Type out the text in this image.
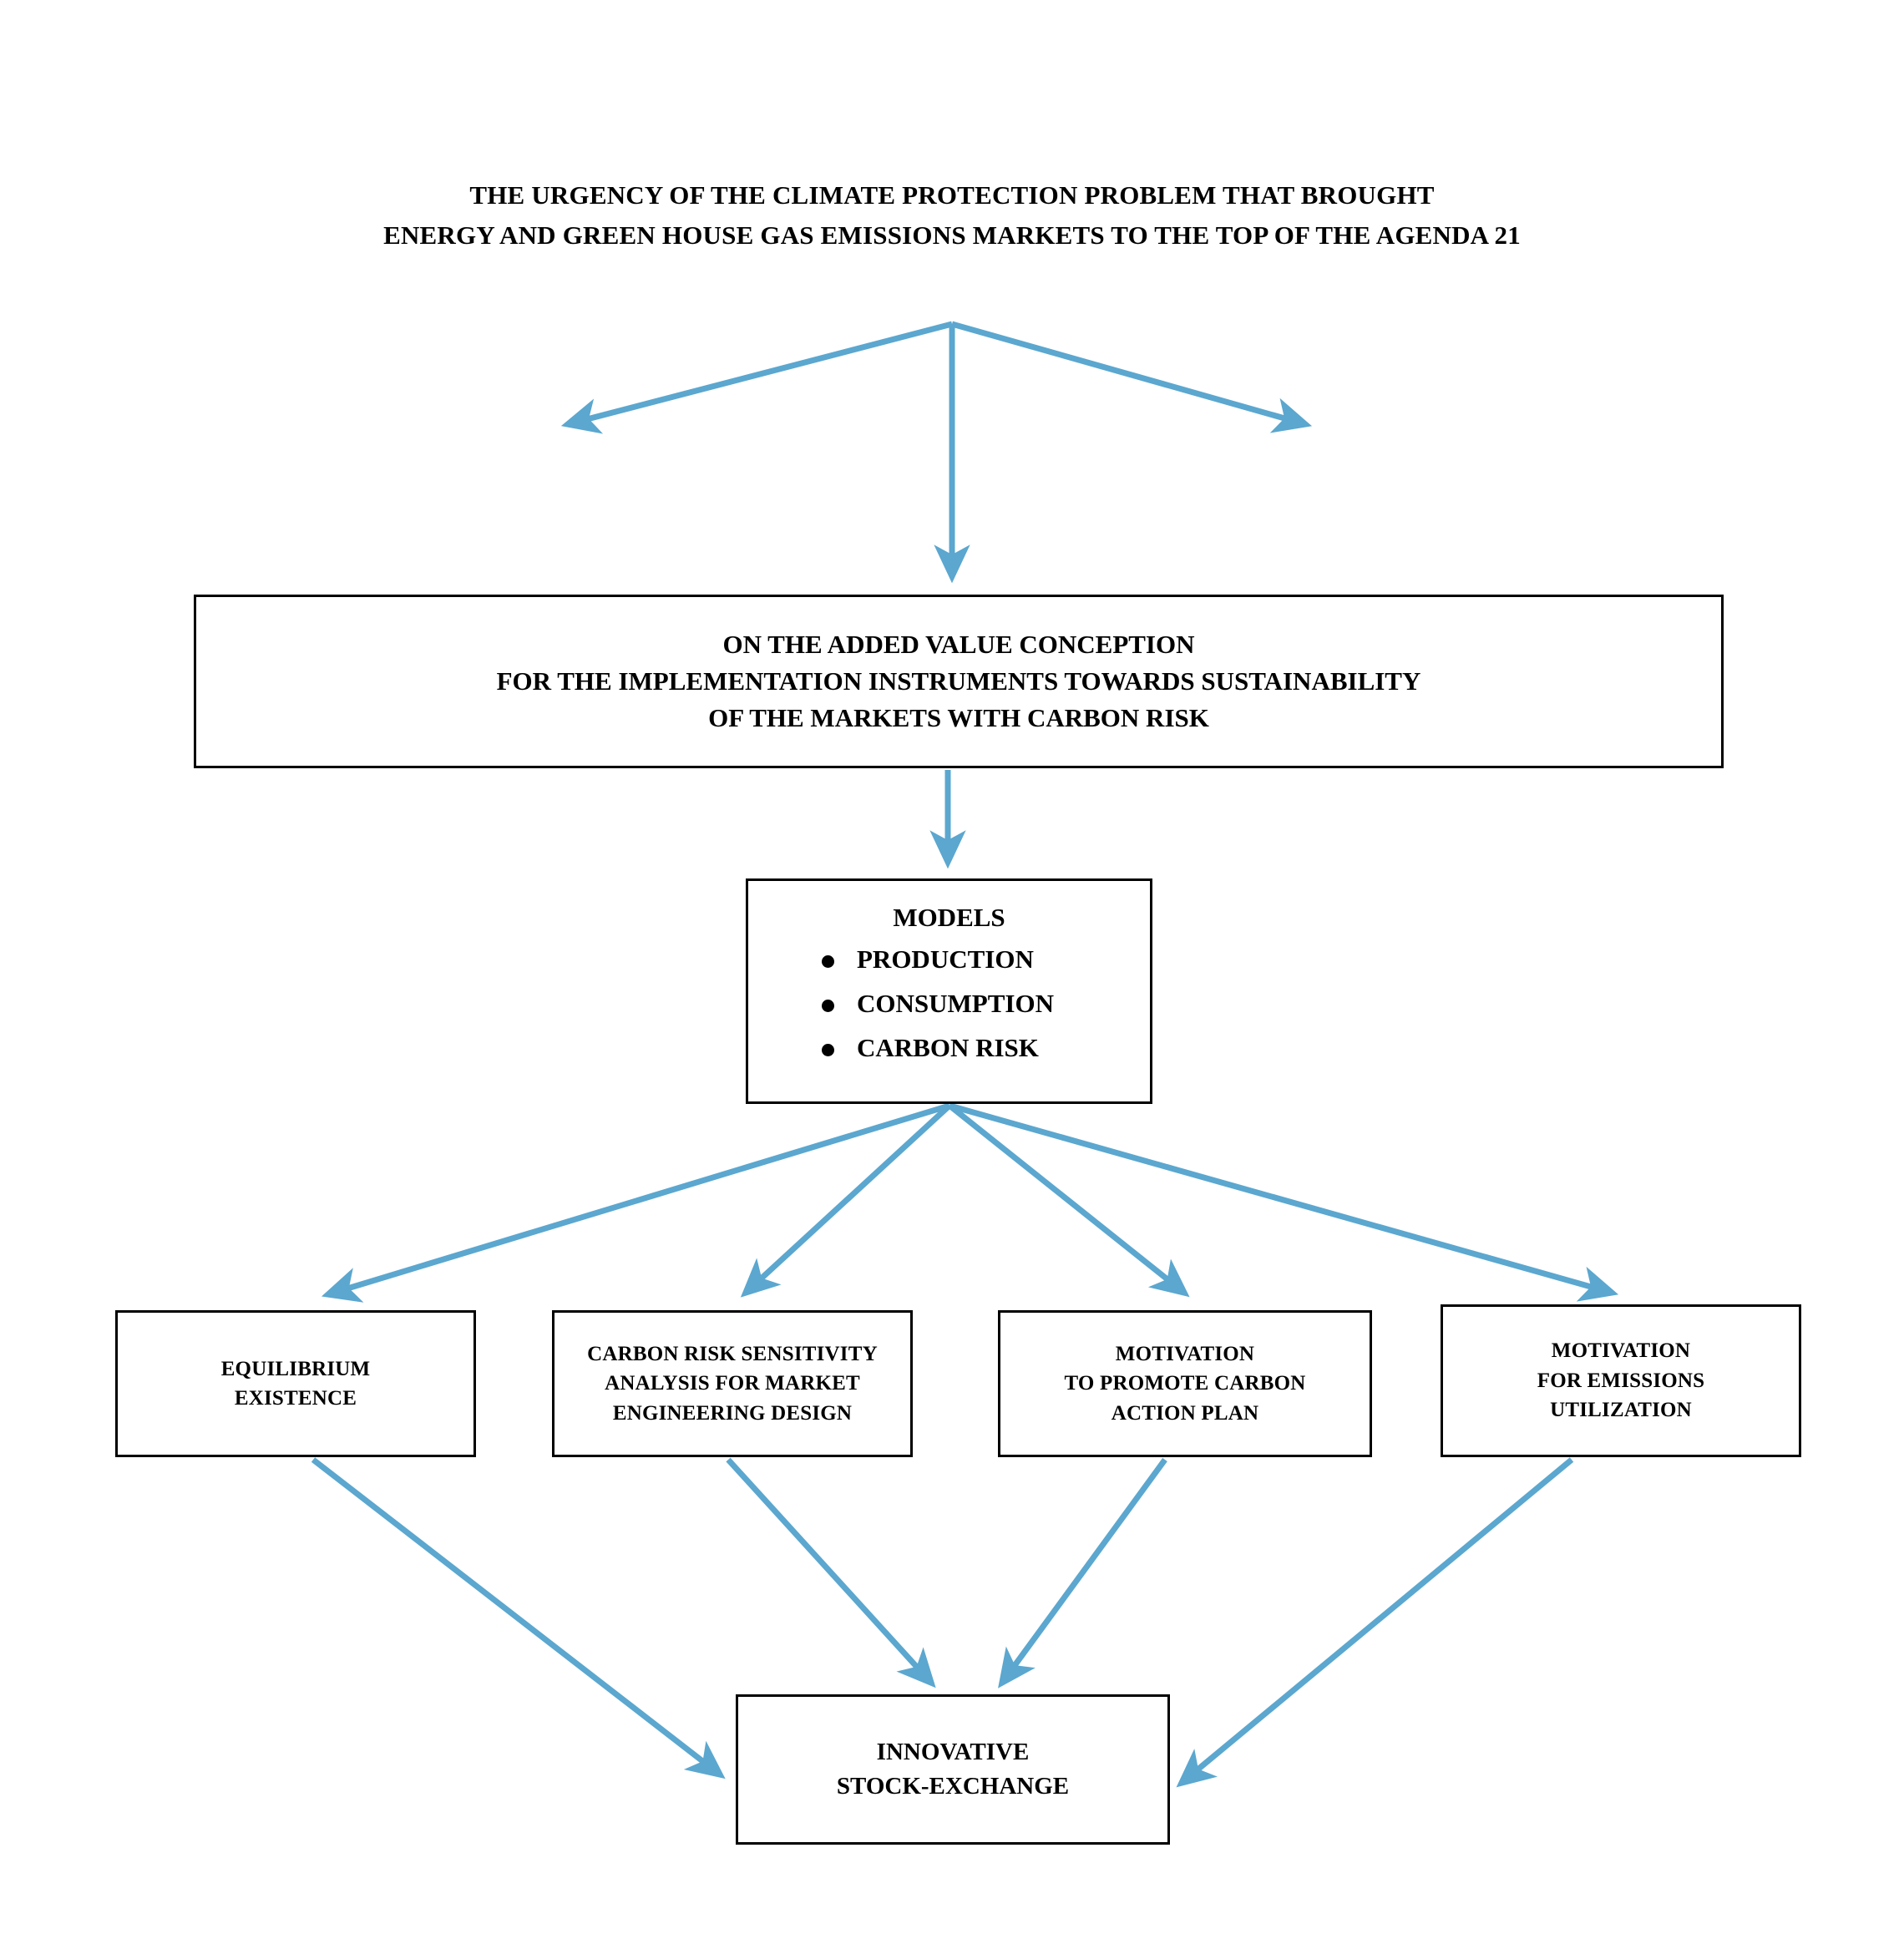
THE URGENCY OF THE CLIMATE PROTECTION PROBLEM THAT BROUGHT
ENERGY AND GREEN HOUSE GAS EMISSIONS MARKETS TO THE TOP OF THE AGENDA 21
ON THE ADDED VALUE CONCEPTION
FOR THE IMPLEMENTATION INSTRUMENTS TOWARDS SUSTAINABILITY
OF THE MARKETS WITH CARBON RISK
MODELS
PRODUCTION
CONSUMPTION
CARBON RISK
EQUILIBRIUM
EXISTENCE
CARBON RISK SENSITIVITY
ANALYSIS FOR MARKET
ENGINEERING DESIGN
MOTIVATION
TO PROMOTE CARBON
ACTION PLAN
MOTIVATION
FOR EMISSIONS
UTILIZATION
INNOVATIVE
STOCK-EXCHANGE
